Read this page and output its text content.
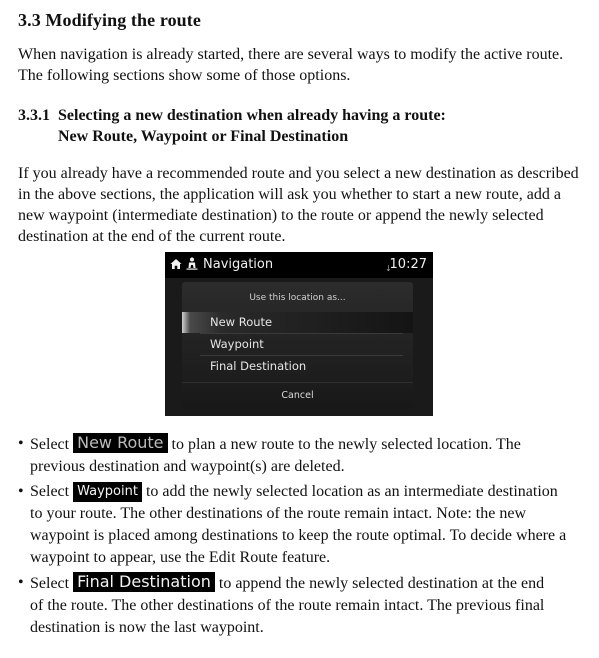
3.3 Modifying the route

When navigation is already started, there are several ways to modify the active route. The following sections show some of those options.

3.3.1 Selecting a new destination when already having a route:
New Route, Waypoint or Final Destination

If you already have a recommended route and you select a new destination as described in the above sections, the application will ask you whether to start a new route, add a new waypoint (intermediate destination) to the route or append the newly selected destination at the end of the current route.

Navigation	↓
10:27
Use this location as...
New Route
Waypoint
Final Destination
Cancel
• Select New Route to plan a new route to the newly selected location. The
previous destination and waypoint(s) are deleted.
• Select Waypoint to add the newly selected location as an intermediate destination
to your route. The other destinations of the route remain intact. Note: the new waypoint is placed among destinations to keep the route optimal. To decide where a waypoint to appear, use the Edit Route feature.
• Select Final Destination to append the newly selected destination at the end
of the route. The other destinations of the route remain intact. The previous final destination is now the last waypoint.
